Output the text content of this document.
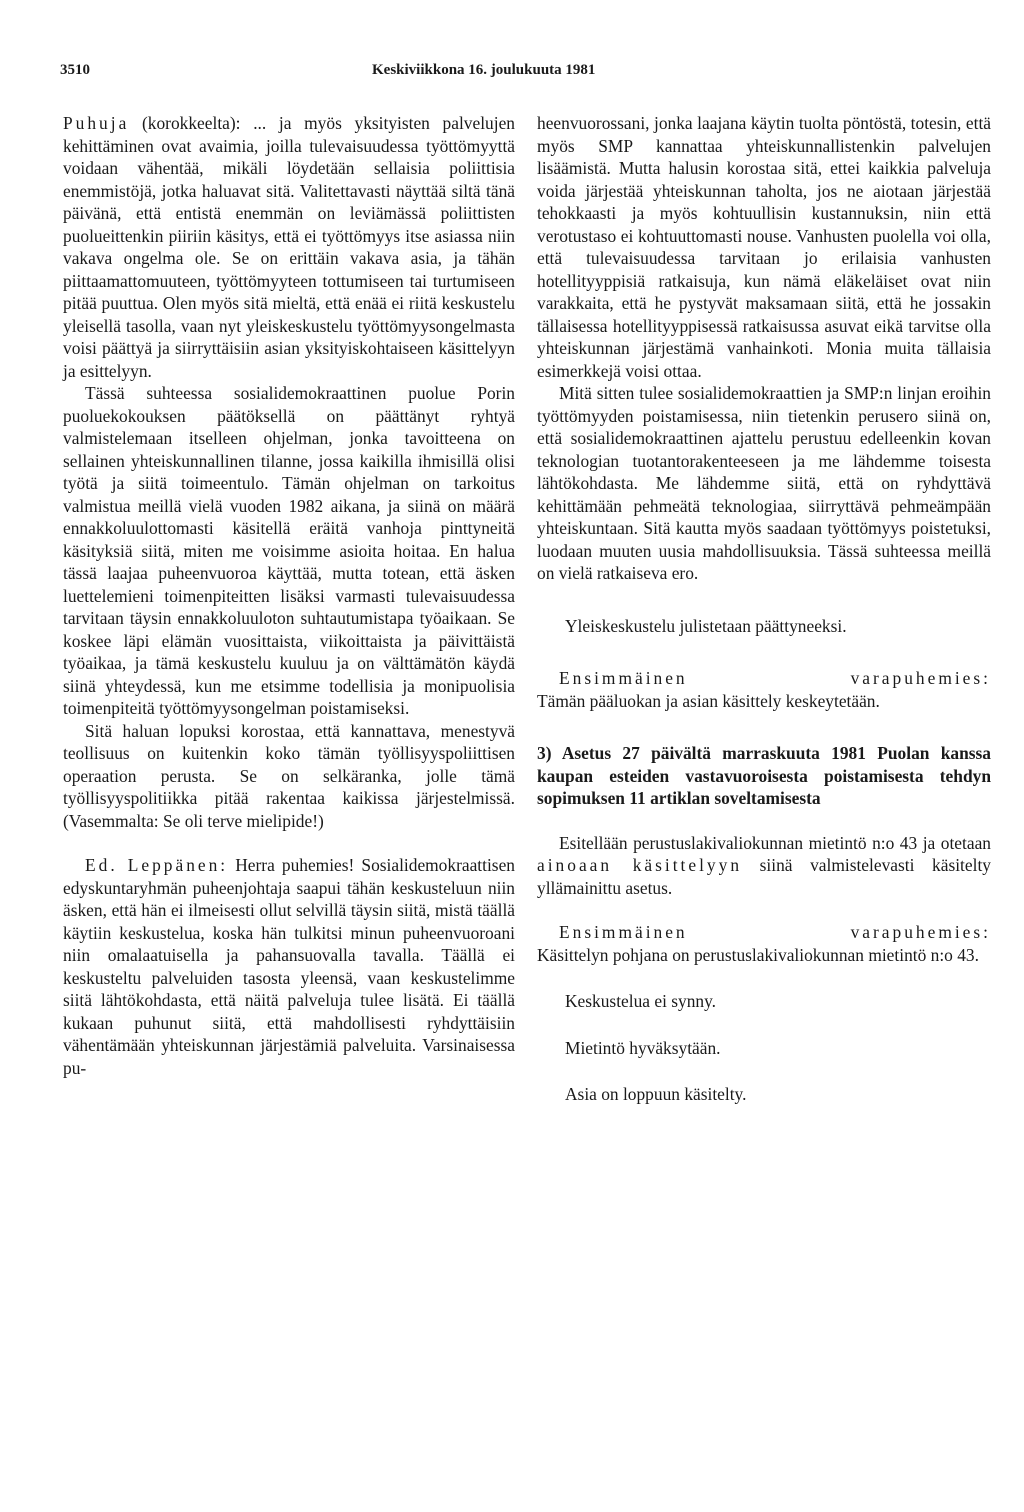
3510	Keskiviikkona 16. joulukuuta 1981

Puhuja (korokkeelta): ... ja myös yksityisten palvelujen kehittäminen ovat avaimia, joilla tulevaisuudessa työttömyyttä voidaan vähentää, mikäli löydetään sellaisia poliittisia enemmistöjä, jotka haluavat sitä. Valitettavasti näyttää siltä tänä päivänä, että entistä enemmän on leviämässä poliittisten puolueittenkin piiriin käsitys, että ei työttömyys itse asiassa niin vakava ongelma ole. Se on erittäin vakava asia, ja tähän piittaamattomuuteen, työttömyyteen tottumiseen tai turtumiseen pitää puuttua. Olen myös sitä mieltä, että enää ei riitä keskustelu yleisellä tasolla, vaan nyt yleiskeskustelu työttömyysongelmasta voisi päättyä ja siirryttäisiin asian yksityiskohtaiseen käsittelyyn ja esittelyyn.

Tässä suhteessa sosialidemokraattinen puolue Porin puoluekokouksen päätöksellä on päättänyt ryhtyä valmistelemaan itselleen ohjelman, jonka tavoitteena on sellainen yhteiskunnallinen tilanne, jossa kaikilla ihmisillä olisi työtä ja siitä toimeentulo. Tämän ohjelman on tarkoitus valmistua meillä vielä vuoden 1982 aikana, ja siinä on määrä ennakkoluulottomasti käsitellä eräitä vanhoja pinttyneitä käsityksiä siitä, miten me voisimme asioita hoitaa. En halua tässä laajaa puheenvuoroa käyttää, mutta totean, että äsken luettelemieni toimenpiteitten lisäksi varmasti tulevaisuudessa tarvitaan täysin ennakkoluuloton suhtautumistapa työaikaan. Se koskee läpi elämän vuosittaista, viikoittaista ja päivittäistä työaikaa, ja tämä keskustelu kuuluu ja on välttämätön käydä siinä yhteydessä, kun me etsimme todellisia ja monipuolisia toimenpiteitä työttömyysongelman poistamiseksi.

Sitä haluan lopuksi korostaa, että kannattava, menestyvä teollisuus on kuitenkin koko tämän työllisyyspoliittisen operaation perusta. Se on selkäranka, jolle tämä työllisyyspolitiikka pitää rakentaa kaikissa järjestelmissä. (Vasemmalta: Se oli terve mielipide!)

Ed. Leppänen: Herra puhemies! Sosialidemokraattisen edyskuntaryhmän puheenjohtaja saapui tähän keskusteluun niin äsken, että hän ei ilmeisesti ollut selvillä täysin siitä, mistä täällä käytiin keskustelua, koska hän tulkitsi minun puheenvuoroani niin omalaatuisella ja pahansuovalla tavalla. Täällä ei keskusteltu palveluiden tasosta yleensä, vaan keskustelimme siitä lähtökohdasta, että näitä palveluja tulee lisätä. Ei täällä kukaan puhunut siitä, että mahdollisesti ryhdyttäisiin vähentämään yhteiskunnan järjestämiä palveluita. Varsinaisessa pu-

heenvuorossani, jonka laajana käytin tuolta pöntöstä, totesin, että myös SMP kannattaa yhteiskunnallistenkin palvelujen lisäämistä. Mutta halusin korostaa sitä, ettei kaikkia palveluja voida järjestää yhteiskunnan taholta, jos ne aiotaan järjestää tehokkaasti ja myös kohtuullisin kustannuksin, niin että verotustaso ei kohtuuttomasti nouse. Vanhusten puolella voi olla, että tulevaisuudessa tarvitaan jo erilaisia vanhusten hotellityyppisiä ratkaisuja, kun nämä eläkeläiset ovat niin varakkaita, että he pystyvät maksamaan siitä, että he jossakin tällaisessa hotellityyppisessä ratkaisussa asuvat eikä tarvitse olla yhteiskunnan järjestämä vanhainkoti. Monia muita tällaisia esimerkkejä voisi ottaa.

Mitä sitten tulee sosialidemokraattien ja SMP:n linjan eroihin työttömyyden poistamisessa, niin tietenkin perusero siinä on, että sosialidemokraattinen ajattelu perustuu edelleenkin kovan teknologian tuotantorakenteeseen ja me lähdemme toisesta lähtökohdasta. Me lähdemme siitä, että on ryhdyttävä kehittämään pehmeätä teknologiaa, siirryttävä pehmeämpään yhteiskuntaan. Sitä kautta myös saadaan työttömyys poistetuksi, luodaan muuten uusia mahdollisuuksia. Tässä suhteessa meillä on vielä ratkaiseva ero.

Yleiskeskustelu julistetaan päättyneeksi.

Ensimmäinen varapuhemies:

Tämän pääluokan ja asian käsittely keskeytetään.

3) Asetus 27 päivältä marraskuuta 1981 Puolan kanssa kaupan esteiden vastavuoroisesta poistamisesta tehdyn sopimuksen 11 artiklan soveltamisesta

Esitellään perustuslakivaliokunnan mietintö n:o 43 ja otetaan ainoaan käsittelyyn siinä valmistelevasti käsitelty yllämainittu asetus.

Ensimmäinen varapuhemies:

Käsittelyn pohjana on perustuslakivaliokunnan mietintö n:o 43.

Keskustelua ei synny.

Mietintö hyväksytään.

Asia on loppuun käsitelty.
